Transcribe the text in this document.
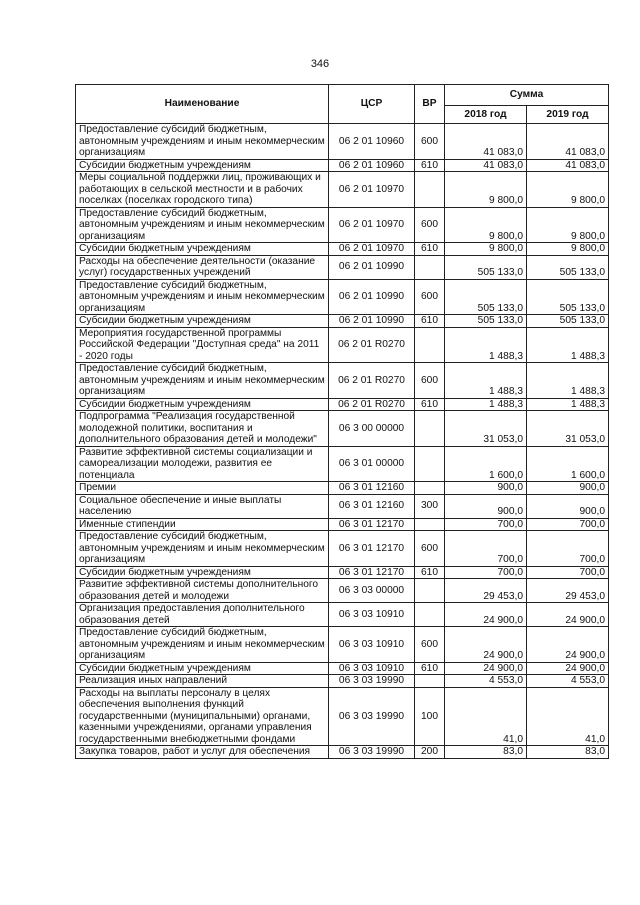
346
Наименование	ЦСР	ВР	Сумма	
			2018 год	2019 год
Предоставление субсидий бюджетным, автономным учреждениям и иным некоммерческим организациям	06 2 01 10960	600	41 083,0	41 083,0
Субсидии бюджетным учреждениям	06 2 01 10960	610	41 083,0	41 083,0
Меры социальной поддержки лиц, проживающих и работающих в сельской местности и в рабочих поселках (поселках городского типа)	06 2 01 10970		9 800,0	9 800,0
Предоставление субсидий бюджетным, автономным учреждениям и иным некоммерческим организациям	06 2 01 10970	600	9 800,0	9 800,0
Субсидии бюджетным учреждениям	06 2 01 10970	610	9 800,0	9 800,0
Расходы на обеспечение деятельности (оказание услуг) государственных учреждений	06 2 01 10990		505 133,0	505 133,0
Предоставление субсидий бюджетным, автономным учреждениям и иным некоммерческим организациям	06 2 01 10990	600	505 133,0	505 133,0
Субсидии бюджетным учреждениям	06 2 01 10990	610	505 133,0	505 133,0
Мероприятия государственной программы Российской Федерации "Доступная среда" на 2011 - 2020 годы	06 2 01 R0270		1 488,3	1 488,3
Предоставление субсидий бюджетным, автономным учреждениям и иным некоммерческим организациям	06 2 01 R0270	600	1 488,3	1 488,3
Субсидии бюджетным учреждениям	06 2 01 R0270	610	1 488,3	1 488,3
Подпрограмма "Реализация государственной молодежной политики, воспитания и дополнительного образования детей и молодежи"	06 3 00 00000		31 053,0	31 053,0
Развитие эффективной системы социализации и самореализации молодежи, развития ее потенциала	06 3 01 00000		1 600,0	1 600,0
Премии	06 3 01 12160		900,0	900,0
Социальное обеспечение и иные выплаты населению	06 3 01 12160	300	900,0	900,0
Именные стипендии	06 3 01 12170		700,0	700,0
Предоставление субсидий бюджетным, автономным учреждениям и иным некоммерческим организациям	06 3 01 12170	600	700,0	700,0
Субсидии бюджетным учреждениям	06 3 01 12170	610	700,0	700,0
Развитие эффективной системы дополнительного образования детей и молодежи	06 3 03 00000		29 453,0	29 453,0
Организация предоставления дополнительного образования детей	06 3 03 10910		24 900,0	24 900,0
Предоставление субсидий бюджетным, автономным учреждениям и иным некоммерческим организациям	06 3 03 10910	600	24 900,0	24 900,0
Субсидии бюджетным учреждениям	06 3 03 10910	610	24 900,0	24 900,0
Реализация иных направлений	06 3 03 19990		4 553,0	4 553,0
Расходы на выплаты персоналу в целях обеспечения выполнения функций государственными (муниципальными) органами, казенными учреждениями, органами управления государственными внебюджетными фондами	06 3 03 19990	100	41,0	41,0
Закупка товаров, работ и услуг для обеспечения	06 3 03 19990	200	83,0	83,0
